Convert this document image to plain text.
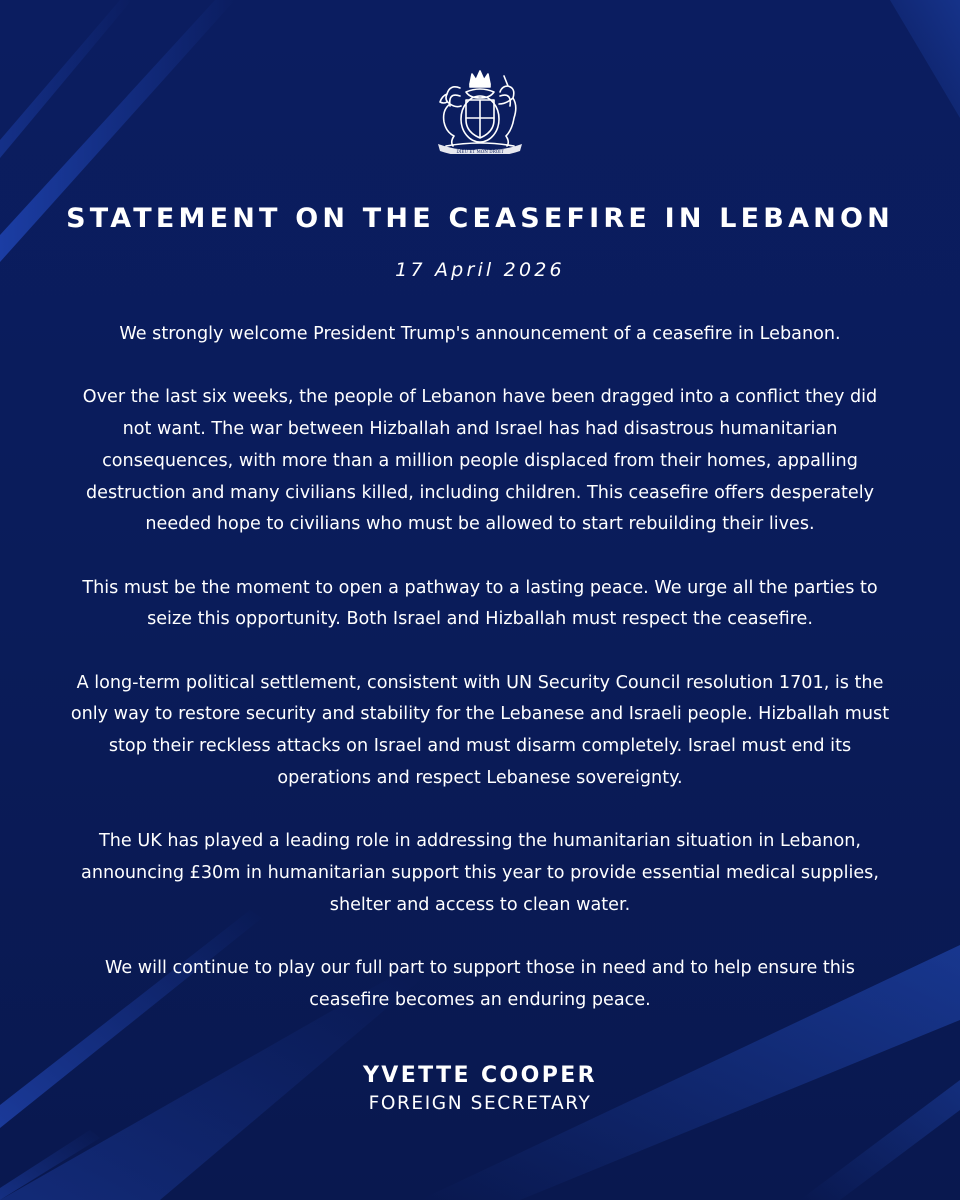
DIEU ET MON DROIT
STATEMENT ON THE CEASEFIRE IN LEBANON
17 April 2026

We strongly welcome President Trump's announcement of a ceasefire in Lebanon.

Over the last six weeks, the people of Lebanon have been dragged into a conflict they did
not want. The war between Hizballah and Israel has had disastrous humanitarian
consequences, with more than a million people displaced from their homes, appalling
destruction and many civilians killed, including children. This ceasefire offers desperately
needed hope to civilians who must be allowed to start rebuilding their lives.

This must be the moment to open a pathway to a lasting peace. We urge all the parties to
seize this opportunity. Both Israel and Hizballah must respect the ceasefire.

A long-term political settlement, consistent with UN Security Council resolution 1701, is the
only way to restore security and stability for the Lebanese and Israeli people. Hizballah must
stop their reckless attacks on Israel and must disarm completely. Israel must end its
operations and respect Lebanese sovereignty.

The UK has played a leading role in addressing the humanitarian situation in Lebanon,
announcing £30m in humanitarian support this year to provide essential medical supplies,
shelter and access to clean water.

We will continue to play our full part to support those in need and to help ensure this
ceasefire becomes an enduring peace.

YVETTE COOPER
FOREIGN SECRETARY
